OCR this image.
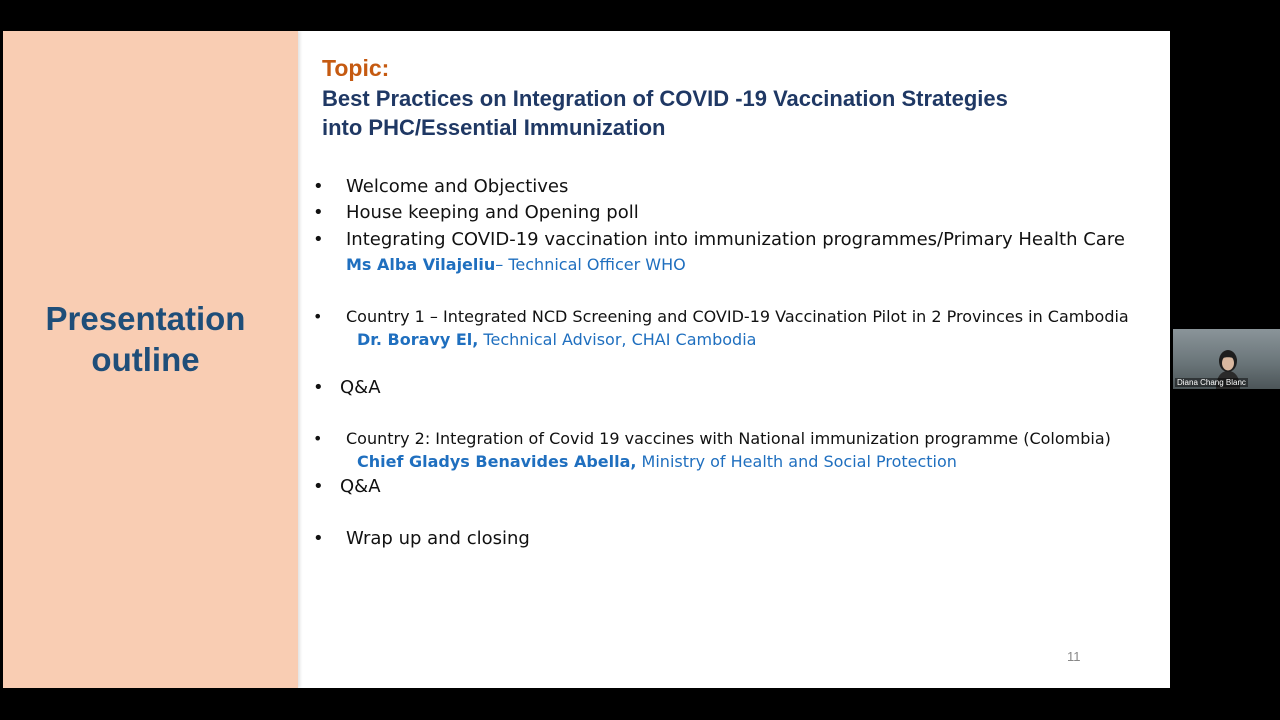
Presentation
outline
Topic:
Best Practices on Integration of COVID -19 Vaccination Strategies
into PHC/Essential Immunization
•	Welcome and Objectives
•	House keeping and Opening poll
•	Integrating COVID-19 vaccination into immunization programmes/Primary Health Care
Ms Alba Vilajeliu– Technical Officer WHO
•	Country 1 – Integrated NCD Screening and COVID-19 Vaccination Pilot in 2 Provinces in Cambodia
Dr. Boravy El, Technical Advisor, CHAI Cambodia
• Q&A
•	Country 2: Integration of Covid 19 vaccines with National immunization programme (Colombia)
Chief Gladys Benavides Abella, Ministry of Health and Social Protection
• Q&A
•	Wrap up and closing
11
Diana Chang Blanc
